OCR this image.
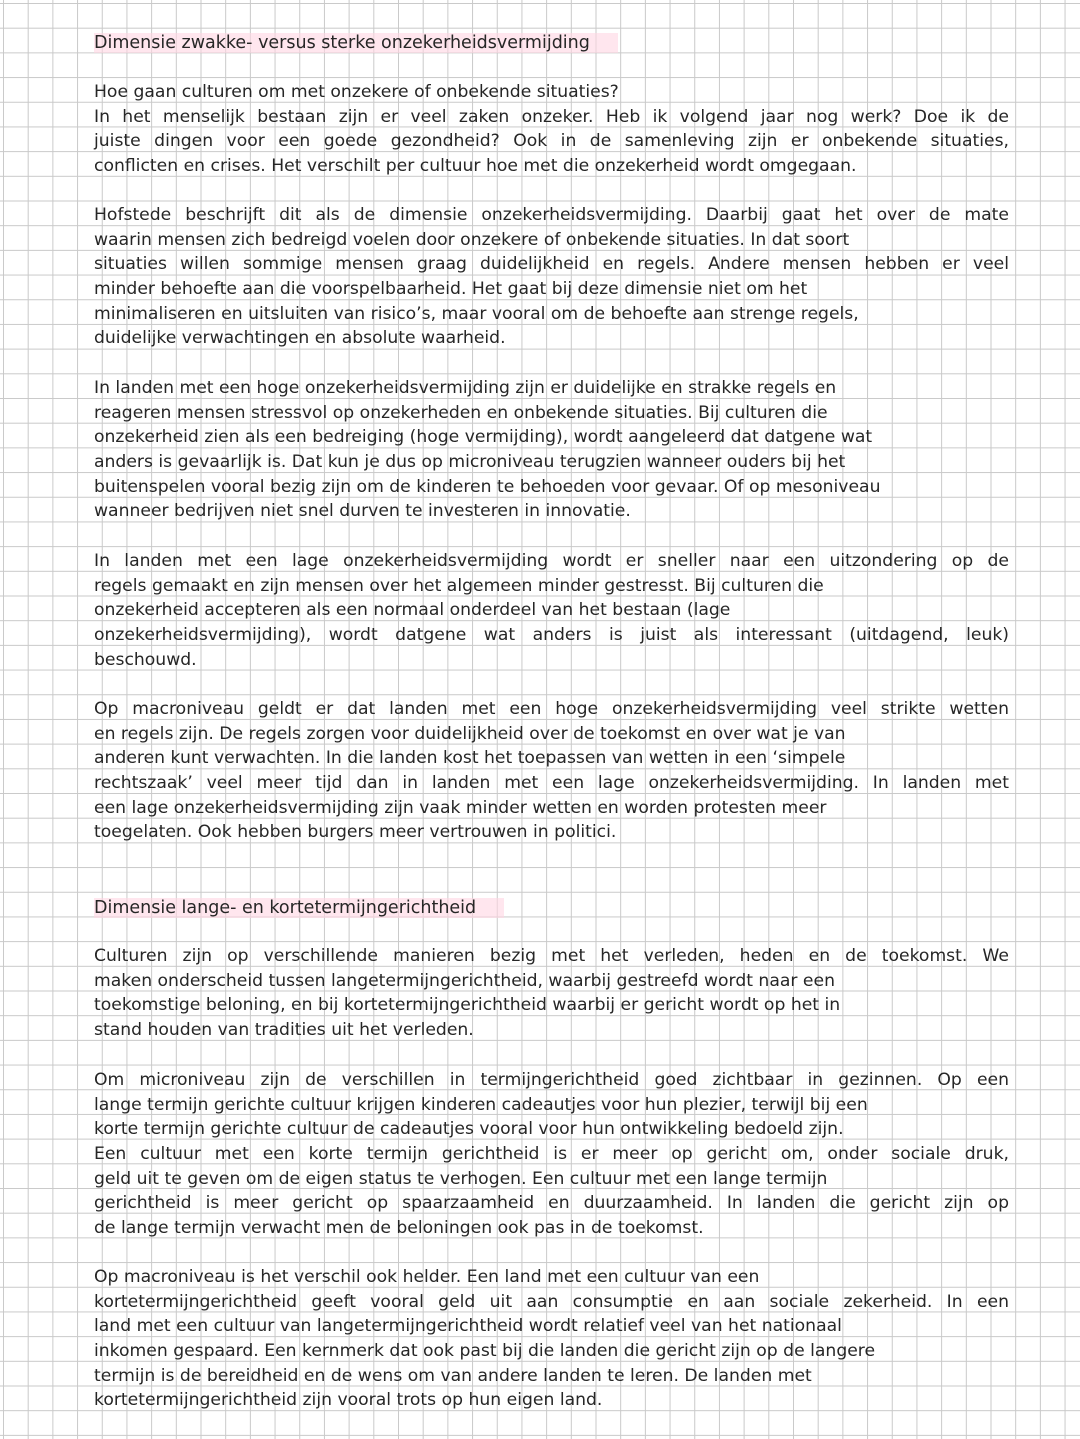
Dimensie zwakke- versus sterke onzekerheidsvermijding
Hoe gaan culturen om met onzekere of onbekende situaties?
In het menselijk bestaan zijn er veel zaken onzeker. Heb ik volgend jaar nog werk? Doe ik de
juiste dingen voor een goede gezondheid? Ook in de samenleving zijn er onbekende situaties,
conflicten en crises. Het verschilt per cultuur hoe met die onzekerheid wordt omgegaan.
Hofstede beschrijft dit als de dimensie onzekerheidsvermijding. Daarbij gaat het over de mate
waarin mensen zich bedreigd voelen door onzekere of onbekende situaties. In dat soort
situaties willen sommige mensen graag duidelijkheid en regels. Andere mensen hebben er veel
minder behoefte aan die voorspelbaarheid. Het gaat bij deze dimensie niet om het
minimaliseren en uitsluiten van risico’s, maar vooral om de behoefte aan strenge regels,
duidelijke verwachtingen en absolute waarheid.
In landen met een hoge onzekerheidsvermijding zijn er duidelijke en strakke regels en
reageren mensen stressvol op onzekerheden en onbekende situaties. Bij culturen die
onzekerheid zien als een bedreiging (hoge vermijding), wordt aangeleerd dat datgene wat
anders is gevaarlijk is. Dat kun je dus op microniveau terugzien wanneer ouders bij het
buitenspelen vooral bezig zijn om de kinderen te behoeden voor gevaar. Of op mesoniveau
wanneer bedrijven niet snel durven te investeren in innovatie.
In landen met een lage onzekerheidsvermijding wordt er sneller naar een uitzondering op de
regels gemaakt en zijn mensen over het algemeen minder gestresst. Bij culturen die
onzekerheid accepteren als een normaal onderdeel van het bestaan (lage
onzekerheidsvermijding), wordt datgene wat anders is juist als interessant (uitdagend, leuk)
beschouwd.
Op macroniveau geldt er dat landen met een hoge onzekerheidsvermijding veel strikte wetten
en regels zijn. De regels zorgen voor duidelijkheid over de toekomst en over wat je van
anderen kunt verwachten. In die landen kost het toepassen van wetten in een ‘simpele
rechtszaak’ veel meer tijd dan in landen met een lage onzekerheidsvermijding. In landen met
een lage onzekerheidsvermijding zijn vaak minder wetten en worden protesten meer
toegelaten. Ook hebben burgers meer vertrouwen in politici.
Dimensie lange- en kortetermijngerichtheid
Culturen zijn op verschillende manieren bezig met het verleden, heden en de toekomst. We
maken onderscheid tussen langetermijngerichtheid, waarbij gestreefd wordt naar een
toekomstige beloning, en bij kortetermijngerichtheid waarbij er gericht wordt op het in
stand houden van tradities uit het verleden.
Om microniveau zijn de verschillen in termijngerichtheid goed zichtbaar in gezinnen. Op een
lange termijn gerichte cultuur krijgen kinderen cadeautjes voor hun plezier, terwijl bij een
korte termijn gerichte cultuur de cadeautjes vooral voor hun ontwikkeling bedoeld zijn.
Een cultuur met een korte termijn gerichtheid is er meer op gericht om, onder sociale druk,
geld uit te geven om de eigen status te verhogen. Een cultuur met een lange termijn
gerichtheid is meer gericht op spaarzaamheid en duurzaamheid. In landen die gericht zijn op
de lange termijn verwacht men de beloningen ook pas in de toekomst.
Op macroniveau is het verschil ook helder. Een land met een cultuur van een
kortetermijngerichtheid geeft vooral geld uit aan consumptie en aan sociale zekerheid. In een
land met een cultuur van langetermijngerichtheid wordt relatief veel van het nationaal
inkomen gespaard. Een kernmerk dat ook past bij die landen die gericht zijn op de langere
termijn is de bereidheid en de wens om van andere landen te leren. De landen met
kortetermijngerichtheid zijn vooral trots op hun eigen land.
